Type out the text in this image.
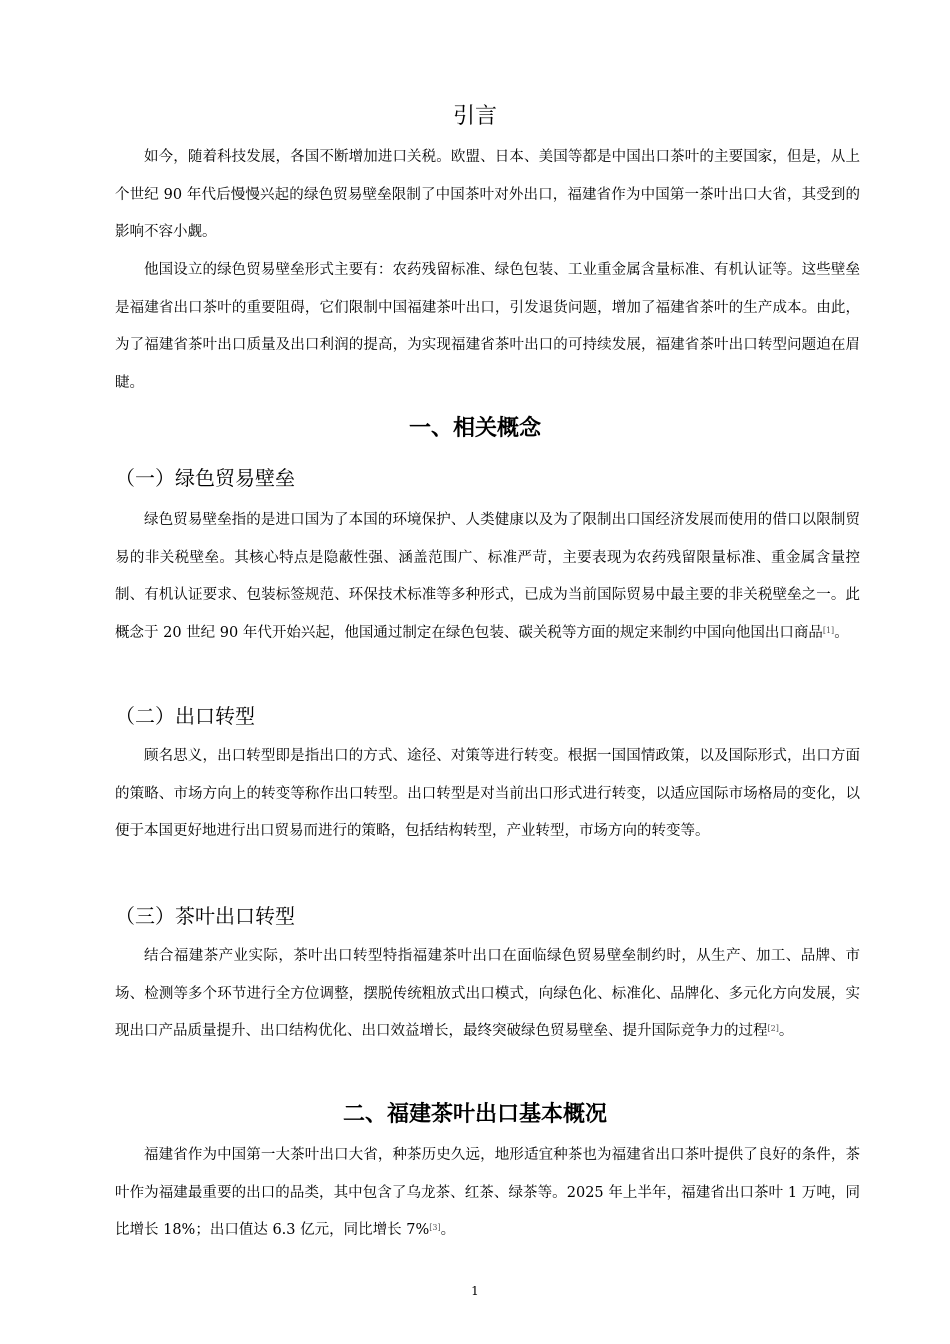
引言

如今，随着科技发展，各国不断增加进口关税。欧盟、日本、美国等都是中国出口茶叶的主要国家，但是，从上个世纪 90 年代后慢慢兴起的绿色贸易壁垒限制了中国茶叶对外出口，福建省作为中国第一茶叶出口大省，其受到的影响不容小觑。

他国设立的绿色贸易壁垒形式主要有：农药残留标准、绿色包装、工业重金属含量标准、有机认证等。这些壁垒是福建省出口茶叶的重要阻碍，它们限制中国福建茶叶出口，引发退货问题，增加了福建省茶叶的生产成本。由此，为了福建省茶叶出口质量及出口利润的提高，为实现福建省茶叶出口的可持续发展，福建省茶叶出口转型问题迫在眉睫。

一、相关概念
（一）绿色贸易壁垒

绿色贸易壁垒指的是进口国为了本国的环境保护、人类健康以及为了限制出口国经济发展而使用的借口以限制贸易的非关税壁垒。其核心特点是隐蔽性强、涵盖范围广、标准严苛，主要表现为农药残留限量标准、重金属含量控制、有机认证要求、包装标签规范、环保技术标准等多种形式，已成为当前国际贸易中最主要的非关税壁垒之一。此概念于 20 世纪 90 年代开始兴起，他国通过制定在绿色包装、碳关税等方面的规定来制约中国向他国出口商品[1]。

（二）出口转型

顾名思义，出口转型即是指出口的方式、途径、对策等进行转变。根据一国国情政策，以及国际形式，出口方面的策略、市场方向上的转变等称作出口转型。出口转型是对当前出口形式进行转变，以适应国际市场格局的变化，以便于本国更好地进行出口贸易而进行的策略，包括结构转型，产业转型，市场方向的转变等。

（三）茶叶出口转型

结合福建茶产业实际，茶叶出口转型特指福建茶叶出口在面临绿色贸易壁垒制约时，从生产、加工、品牌、市场、检测等多个环节进行全方位调整，摆脱传统粗放式出口模式，向绿色化、标准化、品牌化、多元化方向发展，实现出口产品质量提升、出口结构优化、出口效益增长，最终突破绿色贸易壁垒、提升国际竞争力的过程[2]。

二、福建茶叶出口基本概况

福建省作为中国第一大茶叶出口大省，种茶历史久远，地形适宜种茶也为福建省出口茶叶提供了良好的条件，茶叶作为福建最重要的出口的品类，其中包含了乌龙茶、红茶、绿茶等。2025 年上半年，福建省出口茶叶 1 万吨，同比增长 18%；出口值达 6.3 亿元，同比增长 7%[3]。

1
